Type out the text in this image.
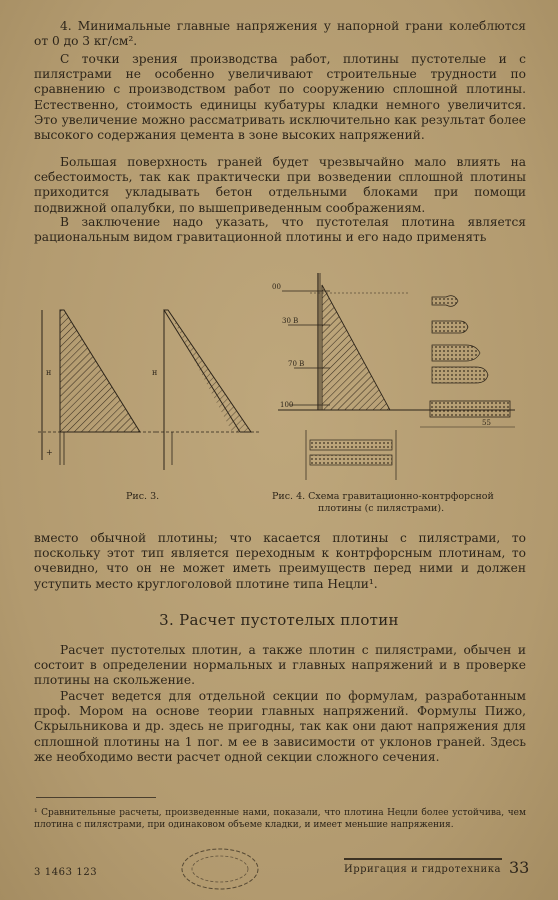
4. Минимальные главные напряжения у напорной грани колеблются от 0 до 3 кг/см².

С точки зрения производства работ, плотины пустотелые и с пилястрами не особенно увеличивают строительные трудности по сравнению с производством работ по сооружению сплошной плотины. Естественно, стоимость единицы кубатуры кладки немного увеличится. Это увеличение можно рассматривать исключительно как результат более высокого содержания цемента в зоне высоких напряжений.

Большая поверхность граней будет чрезвычайно мало влиять на себестоимость, так как практически при возведении сплошной плотины приходится укладывать бетон отдельными блоками при помощи подвижной опалубки, по вышеприведенным соображениям.

В заключение надо указать, что пустотелая плотина является рациональным видом гравитационной плотины и его надо применять

н
+
н
00
30 В
70 В
100
55

Рис. 3.	Рис. 4. Схема гравитационно-контрфорсной

плотины (с пилястрами).

вместо обычной плотины; что касается плотины с пилястрами, то поскольку этот тип является переходным к контрфорсным плотинам, то очевидно, что он не может иметь преимуществ перед ними и должен уступить место круглоголовой плотине типа Нецли¹.

3. Расчет пустотелых плотин

Расчет пустотелых плотин, а также плотин с пилястрами, обычен и состоит в определении нормальных и главных напряжений и в проверке плотины на скольжение.

Расчет ведется для отдельной секции по формулам, разработанным проф. Мором на основе теории главных напряжений. Формулы Пижо, Скрыльникова и др. здесь не пригодны, так как они дают напряжения для сплошной плотины на 1 пог. м ее в зависимости от уклонов граней. Здесь же необходимо вести расчет одной секции сложного сечения.

¹ Сравнительные расчеты, произведенные нами, показали, что плотина Нецли более устойчива, чем плотина с пилястрами, при одинаковом объеме кладки, и имеет меньшие напряжения.

3 1463 123	Ирригация и гидротехника 33
